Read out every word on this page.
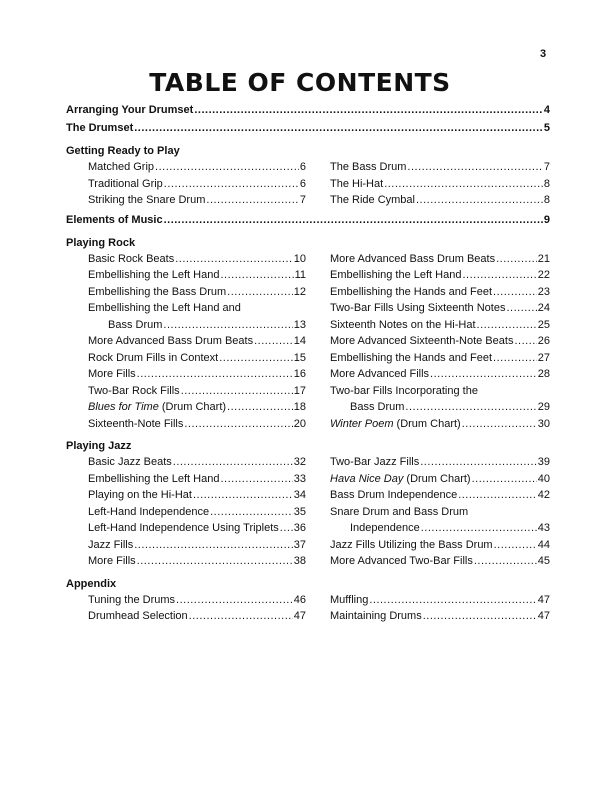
3
TABLE OF CONTENTS
Arranging Your Drumset .....	4
The Drumset .....	5
Getting Ready to Play
Matched Grip .....	6
Traditional Grip .....	6
Striking the Snare Drum .....	7
The Bass Drum .....	7
The Hi-Hat .....	8
The Ride Cymbal .....	8
Elements of Music .....	9
Playing Rock
Basic Rock Beats .....	10
Embellishing the Left Hand .....	11
Embellishing the Bass Drum .....	12
Embellishing the Left Hand and
Bass Drum .....	13
More Advanced Bass Drum Beats .....	14
Rock Drum Fills in Context .....	15
More Fills .....	16
Two-Bar Rock Fills .....	17
Blues for Time (Drum Chart) .....	18
Sixteenth-Note Fills .....	20
More Advanced Bass Drum Beats .....	21
Embellishing the Left Hand .....	22
Embellishing the Hands and Feet .....	23
Two-Bar Fills Using Sixteenth Notes .....	24
Sixteenth Notes on the Hi-Hat .....	25
More Advanced Sixteenth-Note Beats ..... 26
Embellishing the Hands and Feet .....	27
More Advanced Fills .....	28
Two-bar Fills Incorporating the
Bass Drum .....	29
Winter Poem (Drum Chart) .....	30
Playing Jazz
Basic Jazz Beats .....	32
Embellishing the Left Hand .....	33
Playing on the Hi-Hat .....	34
Left-Hand Independence .....	35
Left-Hand Independence Using Triplets ..... 36
Jazz Fills .....	37
More Fills .....	38
Two-Bar Jazz Fills .....	39
Hava Nice Day (Drum Chart) .....	40
Bass Drum Independence .....	42
Snare Drum and Bass Drum
Independence .....	43
Jazz Fills Utilizing the Bass Drum .....	44
More Advanced Two-Bar Fills .....	45
Appendix
Tuning the Drums .....	46
Drumhead Selection .....	47
Muffling .....	47
Maintaining Drums .....	47
